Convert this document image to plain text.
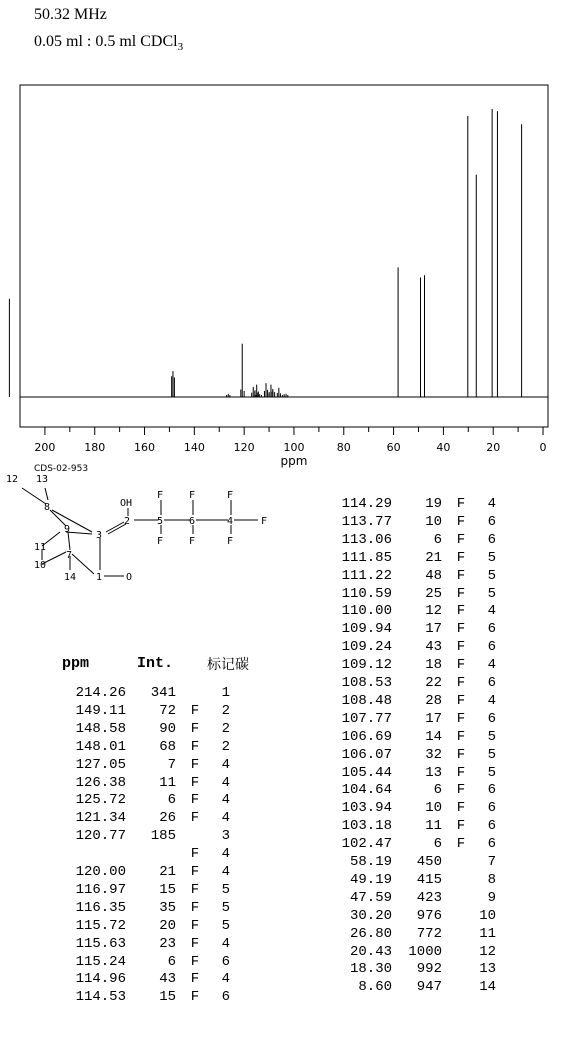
50.32 MHz
0.05 ml : 0.5 ml CDCl$_3$
200	180	160	140	120	100	80	60	40	20	0
ppm
CDS-02-953
12 13
8
9
11
10
7
14
3
1
OH
2	5	6	4
O
F
F
F
F
F
F
F
ppm	Int. 标记碳
214.26	341	1
149.11	72 F	2
148.58	90 F	2
148.01	68 F	2
127.05	7 F	4
126.38	11 F	4
125.72	6 F	4
121.34	26 F	4
120.77	185	3
F	4
120.00	21 F	4
116.97	15 F	5
116.35	35 F	5
115.72	20 F	5
115.63	23 F	4
115.24	6 F	6
114.96	43 F	4
114.53	15 F	6
114.29	19 F	4
113.77	10 F	6
113.06	6 F	6
111.85	21 F	5
111.22	48 F	5
110.59	25 F	5
110.00	12 F	4
109.94	17 F	6
109.24	43 F	6
109.12	18 F	4
108.53	22 F	6
108.48	28 F	4
107.77	17 F	6
106.69	14 F	5
106.07	32 F	5
105.44	13 F	5
104.64	6 F	6
103.94	10 F	6
103.18	11 F	6
102.47	6 F	6
58.19	450	7
49.19	415	8
47.59	423	9
30.20	976	10
26.80	772	11
20.43	1000	12
18.30	992	13
8.60	947	14
